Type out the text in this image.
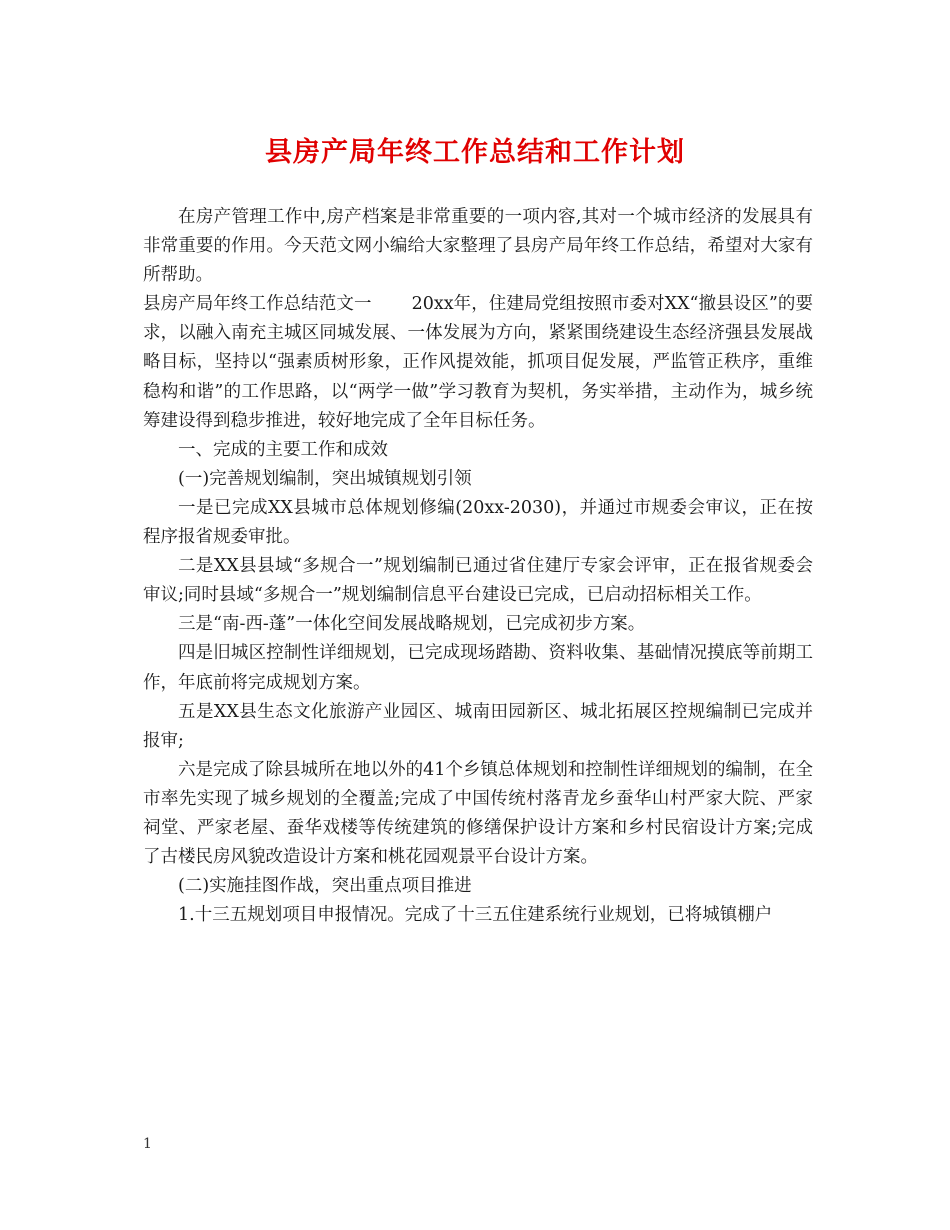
县房产局年终工作总结和工作计划

在房产管理工作中,房产档案是非常重要的一项内容,其对一个城市经济的发展具有非常重要的作用。今天范文网小编给大家整理了县房产局年终工作总结，希望对大家有所帮助。

县房产局年终工作总结范文一 20xx年，住建局党组按照市委对XX“撤县设区”的要求，以融入南充主城区同城发展、一体发展为方向，紧紧围绕建设生态经济强县发展战略目标，坚持以“强素质树形象，正作风提效能，抓项目促发展，严监管正秩序，重维稳构和谐”的工作思路，以“两学一做”学习教育为契机，务实举措，主动作为，城乡统筹建设得到稳步推进，较好地完成了全年目标任务。

一、完成的主要工作和成效

(一)完善规划编制，突出城镇规划引领

一是已完成XX县城市总体规划修编(20xx-2030)，并通过市规委会审议，正在按程序报省规委审批。

二是XX县县域“多规合一”规划编制已通过省住建厅专家会评审，正在报省规委会审议;同时县域“多规合一”规划编制信息平台建设已完成，已启动招标相关工作。

三是“南-西-蓬”一体化空间发展战略规划，已完成初步方案。

四是旧城区控制性详细规划，已完成现场踏勘、资料收集、基础情况摸底等前期工作，年底前将完成规划方案。

五是XX县生态文化旅游产业园区、城南田园新区、城北拓展区控规编制已完成并报审;

六是完成了除县城所在地以外的41个乡镇总体规划和控制性详细规划的编制，在全市率先实现了城乡规划的全覆盖;完成了中国传统村落青龙乡蚕华山村严家大院、严家祠堂、严家老屋、蚕华戏楼等传统建筑的修缮保护设计方案和乡村民宿设计方案;完成了古楼民房风貌改造设计方案和桃花园观景平台设计方案。

(二)实施挂图作战，突出重点项目推进

1.十三五规划项目申报情况。完成了十三五住建系统行业规划，已将城镇棚户

1
